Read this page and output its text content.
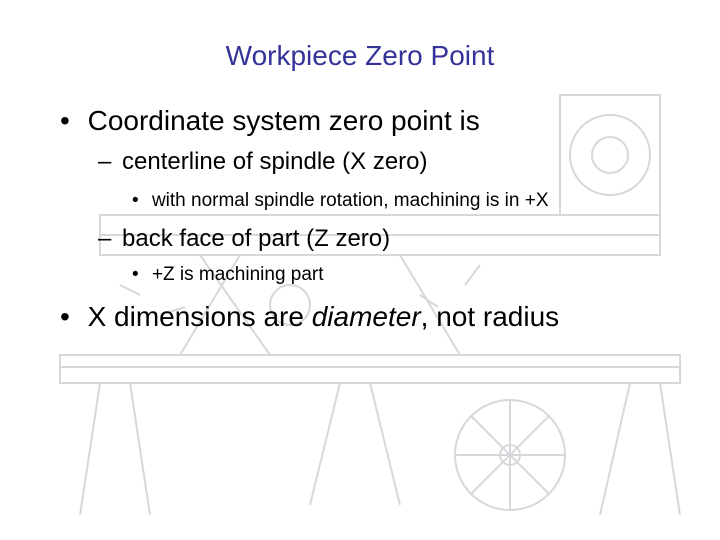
Workpiece Zero Point
• Coordinate system zero point is
– centerline of spindle (X zero)
• with normal spindle rotation, machining is in +X
– back face of part (Z zero)
• +Z is machining part
• X dimensions are diameter, not radius
